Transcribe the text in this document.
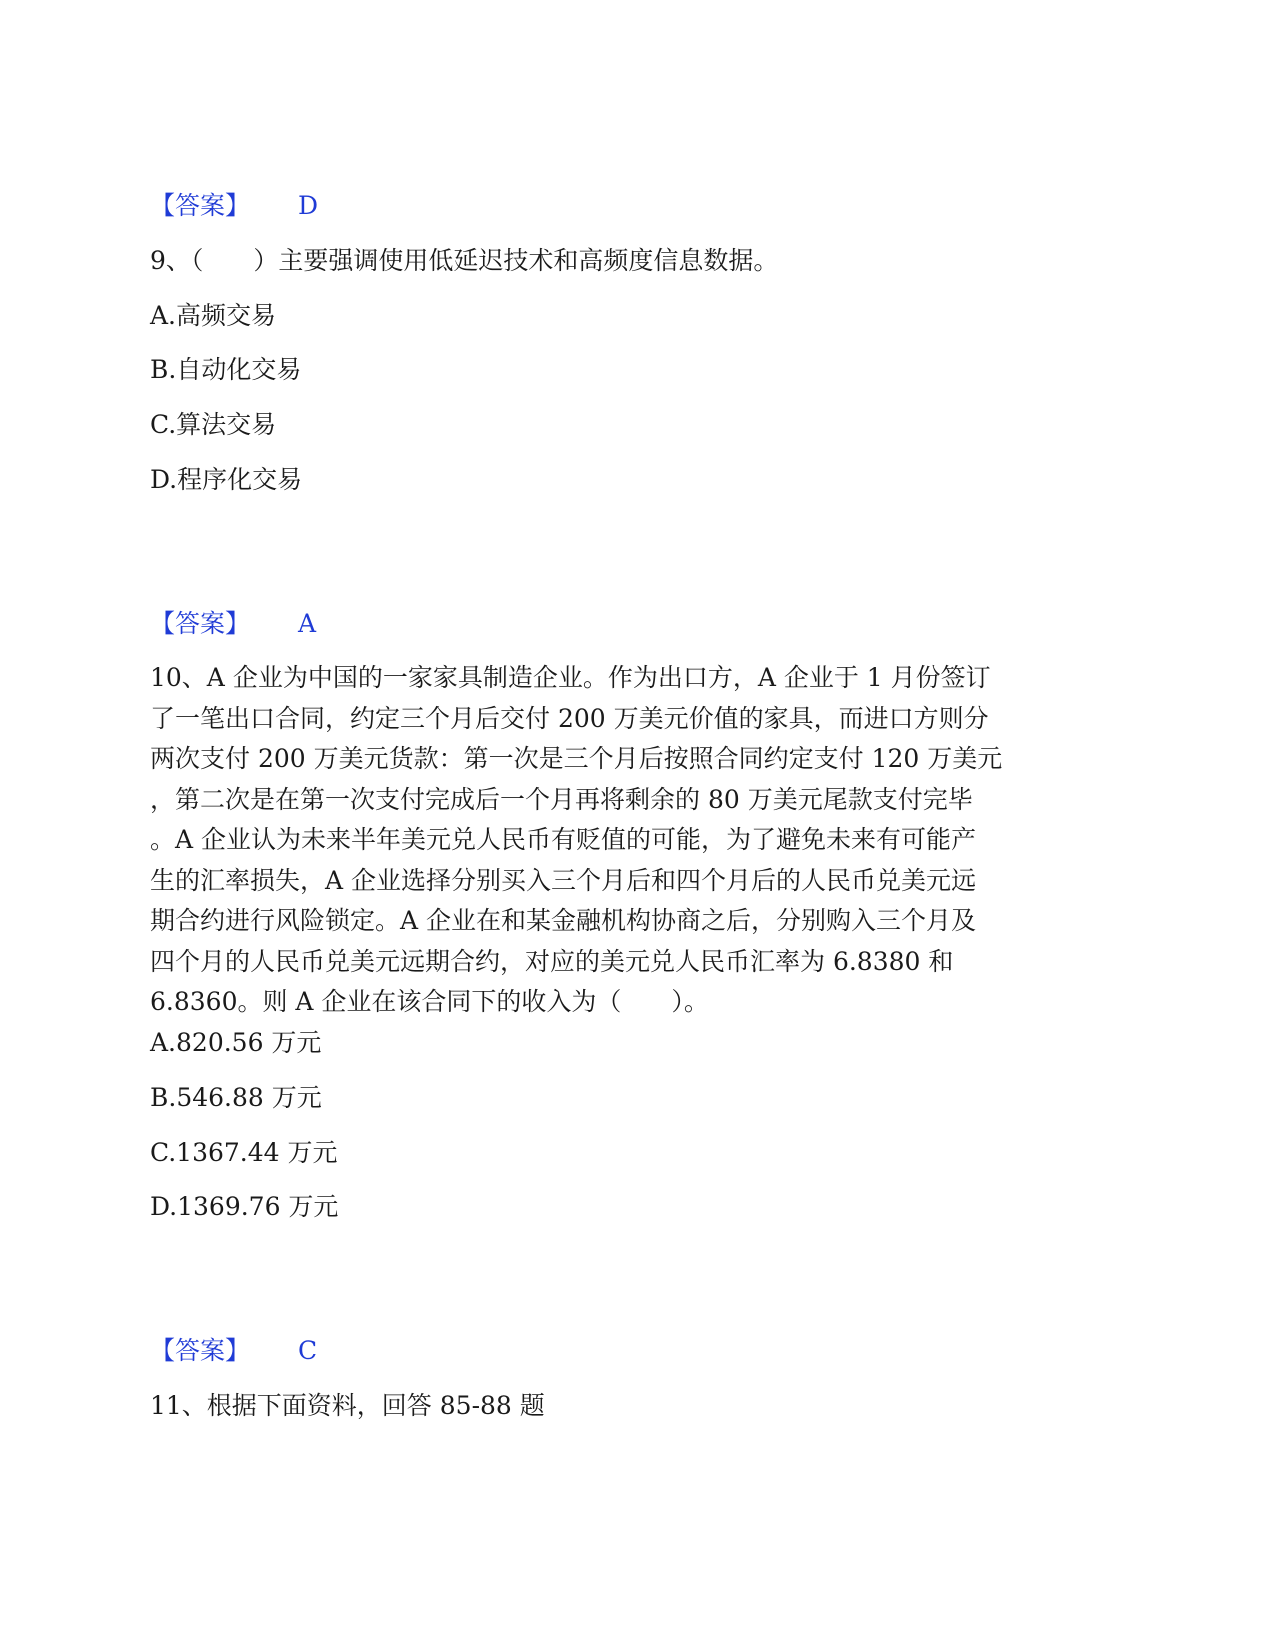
【答案】 D
9、（　　）主要强调使用低延迟技术和高频度信息数据。
A.高频交易
B.自动化交易
C.算法交易
D.程序化交易
【答案】 A
10、A 企业为中国的一家家具制造企业。作为出口方，A 企业于 1 月份签订
了一笔出口合同，约定三个月后交付 200 万美元价值的家具，而进口方则分
两次支付 200 万美元货款：第一次是三个月后按照合同约定支付 120 万美元
，第二次是在第一次支付完成后一个月再将剩余的 80 万美元尾款支付完毕
。A 企业认为未来半年美元兑人民币有贬值的可能，为了避免未来有可能产
生的汇率损失，A 企业选择分别买入三个月后和四个月后的人民币兑美元远
期合约进行风险锁定。A 企业在和某金融机构协商之后，分别购入三个月及
四个月的人民币兑美元远期合约，对应的美元兑人民币汇率为 6.8380 和
6.8360。则 A 企业在该合同下的收入为（　　）。
A.820.56 万元
B.546.88 万元
C.1367.44 万元
D.1369.76 万元
【答案】 C
11、根据下面资料，回答 85-88 题
